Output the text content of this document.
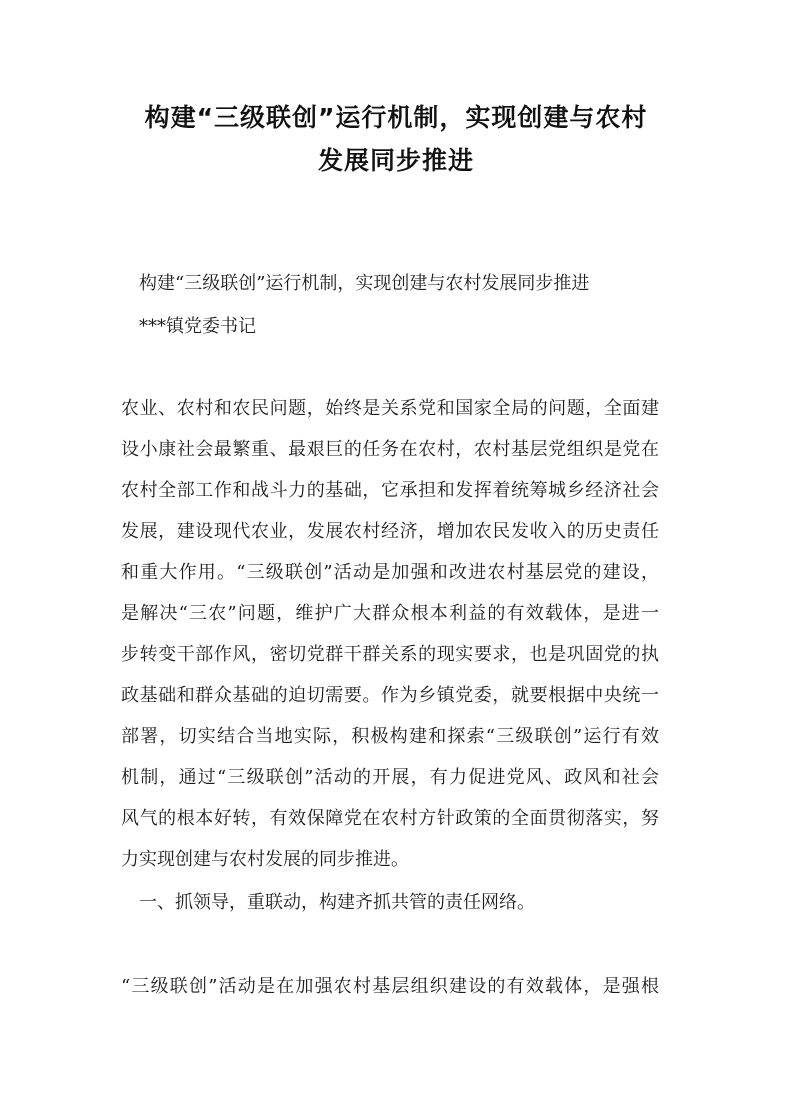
构建“三级联创”运行机制，实现创建与农村
发展同步推进

构建“三级联创”运行机制，实现创建与农村发展同步推进

***镇党委书记

农业、农村和农民问题，始终是关系党和国家全局的问题，全面建

设小康社会最繁重、最艰巨的任务在农村，农村基层党组织是党在

农村全部工作和战斗力的基础，它承担和发挥着统筹城乡经济社会

发展，建设现代农业，发展农村经济，增加农民发收入的历史责任

和重大作用。“三级联创”活动是加强和改进农村基层党的建设，

是解决“三农”问题，维护广大群众根本利益的有效载体，是进一

步转变干部作风，密切党群干群关系的现实要求，也是巩固党的执

政基础和群众基础的迫切需要。作为乡镇党委，就要根据中央统一

部署，切实结合当地实际，积极构建和探索“三级联创”运行有效

机制，通过“三级联创”活动的开展，有力促进党风、政风和社会

风气的根本好转，有效保障党在农村方针政策的全面贯彻落实，努

力实现创建与农村发展的同步推进。

一、抓领导，重联动，构建齐抓共管的责任网络。

“三级联创”活动是在加强农村基层组织建设的有效载体，是强根
